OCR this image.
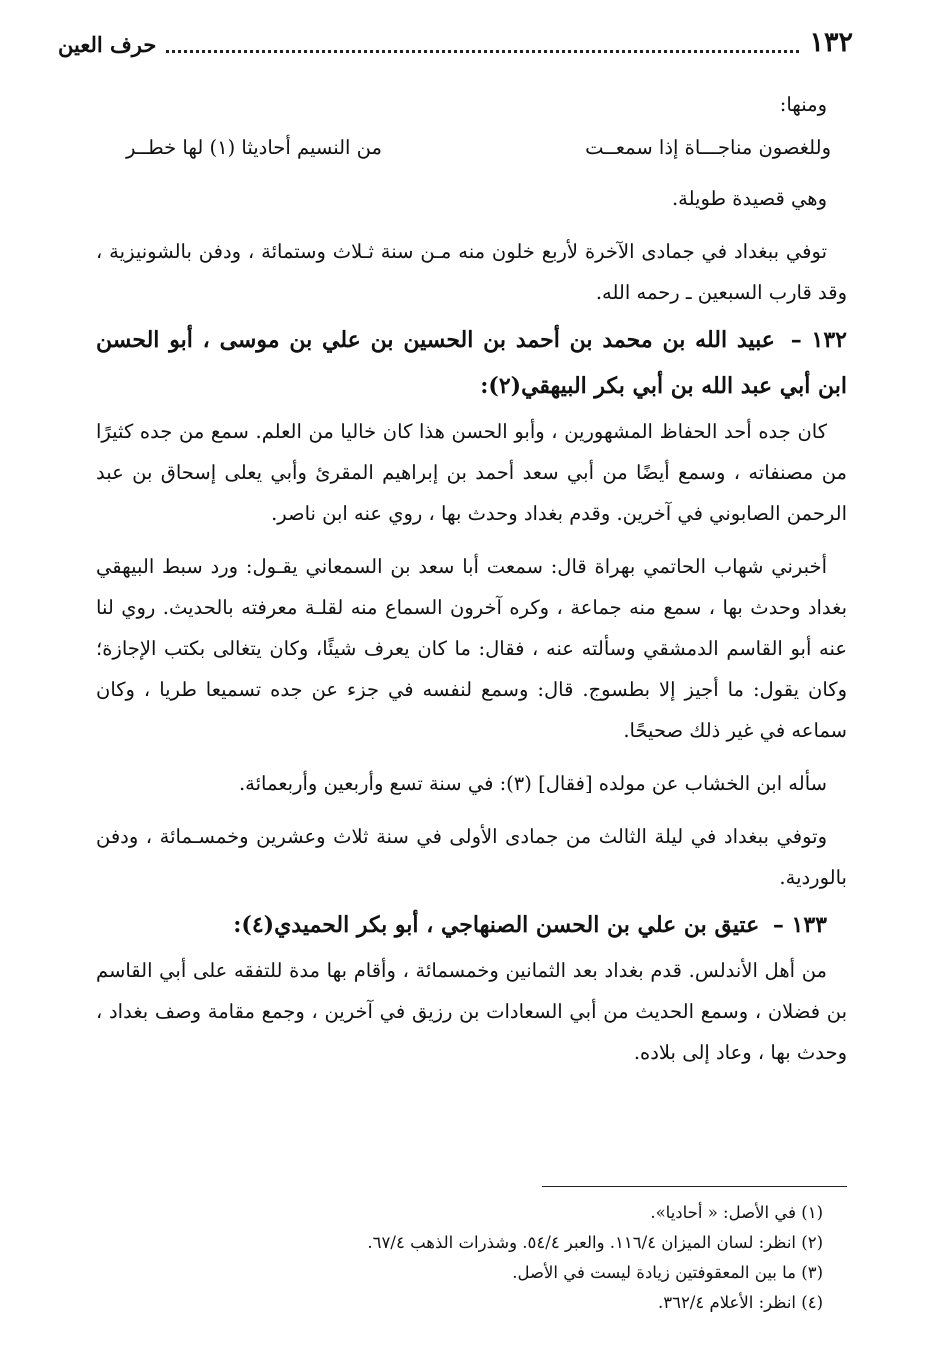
١٣٢
حرف العين

ومنها:

وللغصون مناجـــاة إذا سمعــت
من النسيم أحاديثا (١) لها خطــر

وهي قصيدة طويلة.

توفي ببغداد في جمادى الآخرة لأربع خلون منه مـن سنة ثـلاث وستمائة ، ودفن بالشونيزية ، وقد قارب السبعين ـ رحمه الله.

١٣٢ – عبيد الله بن محمد بن أحمد بن الحسين بن علي بن موسى ، أبو الحسن ابن أبي عبد الله بن أبي بكر البيهقي(٢):

كان جده أحد الحفاظ المشهورين ، وأبو الحسن هذا كان خاليا من العلم. سمع من جده كثيرًا من مصنفاته ، وسمع أيضًا من أبي سعد أحمد بن إبراهيم المقرئ وأبي يعلى إسحاق بن عبد الرحمن الصابوني في آخرين. وقدم بغداد وحدث بها ، روي عنه ابن ناصر.

أخبرني شهاب الحاتمي بهراة قال: سمعت أبا سعد بن السمعاني يقـول: ورد سبط البيهقي بغداد وحدث بها ، سمع منه جماعة ، وكره آخرون السماع منه لقلـة معرفته بالحديث. روي لنا عنه أبو القاسم الدمشقي وسألته عنه ، فقال: ما كان يعرف شيئًا، وكان يتغالى بكتب الإجازة؛ وكان يقول: ما أجيز إلا بطسوج. قال: وسمع لنفسه في جزء عن جده تسميعا طريا ، وكان سماعه في غير ذلك صحيحًا.

سأله ابن الخشاب عن مولده [فقال] (٣): في سنة تسع وأربعين وأربعمائة.

وتوفي ببغداد في ليلة الثالث من جمادى الأولى في سنة ثلاث وعشرين وخمسـمائة ، ودفن بالوردية.

١٣٣ – عتيق بن علي بن الحسن الصنهاجي ، أبو بكر الحميدي(٤):

من أهل الأندلس. قدم بغداد بعد الثمانين وخمسمائة ، وأقام بها مدة للتفقه على أبي القاسم بن فضلان ، وسمع الحديث من أبي السعادات بن رزيق في آخرين ، وجمع مقامة وصف بغداد ، وحدث بها ، وعاد إلى بلاده.

(١) في الأصل: « أحاديا».

(٢) انظر: لسان الميزان ١١٦/٤. والعبر ٥٤/٤. وشذرات الذهب ٦٧/٤.

(٣) ما بين المعقوفتين زيادة ليست في الأصل.

(٤) انظر: الأعلام ٣٦٢/٤.
